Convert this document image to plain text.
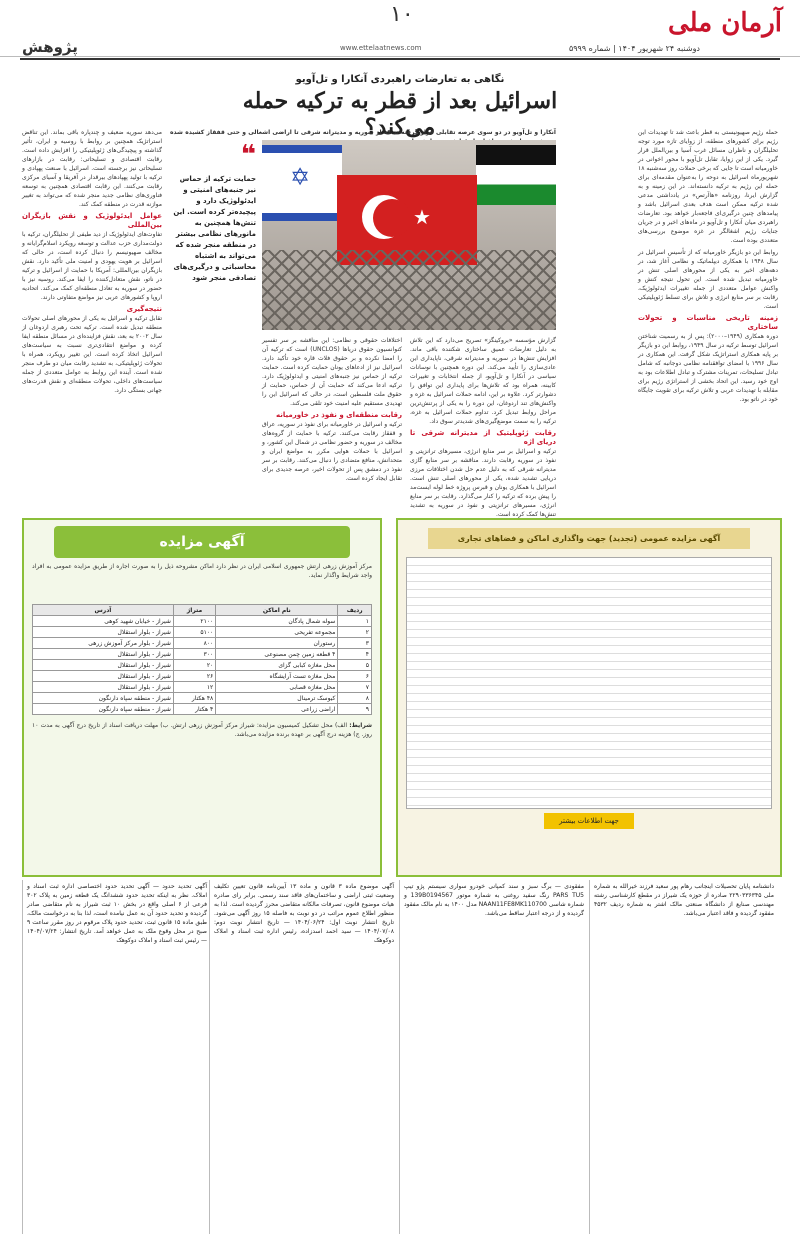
آرمان ملی
۱۰
دوشنبه ۲۴ شهریور ۱۴۰۴ | شماره ۵۹۹۹
www.ettelaatnews.com
پژوهش
نگاهی به تعارضات راهبردی آنکارا و تل‌آویو
اسرائیل بعد از قطر به ترکیه حمله می‌کند؟	حمله رژیم صهیونیستی به قطر باعث شد تا تهدیدات این رژیم برای کشورهای منطقه، از زوایای تازه مورد توجه تحلیلگران و ناظران مسائل غرب آسیا و بین‌الملل قرار گیرد. یکی از این زوایا، تقابل تل‌آویو با محور اخوانی در خاورمیانه است تا جایی که برخی حملات روز سه‌شنبه ۱۸ شهریورماه اسرائیل به دوحه را به‌عنوان مقدمه‌ای برای حمله این رژیم به ترکیه دانسته‌اند. در این زمینه و به گزارش ایرنا، روزنامه «هاآرتص» در یادداشتی مدعی شده ترکیه ممکن است هدف بعدی اسرائیل باشد و پیامدهای چنین درگیری‌ای فاجعه‌بار خواهد بود. تعارضات راهبردی میان آنکارا و تل‌آویو در ماه‌های اخیر و در جریان جنایات رژیم اشغالگر در غزه موضوع بررسی‌های متعددی بوده است.

روابط این دو بازیگر خاورمیانه که از تأسیس اسرائیل در سال ۱۹۴۸ با همکاری دیپلماتیک و نظامی آغاز شد، در دهه‌های اخیر به یکی از محورهای اصلی تنش در خاورمیانه تبدیل شده است. این تحول نتیجه کنش و واکنش عوامل متعددی از جمله تغییرات ایدئولوژیک، رقابت بر سر منابع انرژی و تلاش برای تسلط ژئوپلیتیکی است.

زمینه تاریخی مناسبات و تحولات ساختاری

دوره همکاری (۱۹۴۹–۲۰۰۰): پس از به رسمیت شناختن اسرائیل توسط ترکیه در سال ۱۹۴۹، روابط این دو بازیگر بر پایه همکاری استراتژیک شکل گرفت. این همکاری در سال ۱۹۹۶ با امضای توافقنامه نظامی دوجانبه که شامل تبادل تسلیحات، تمرینات مشترک و تبادل اطلاعات بود به اوج خود رسید. این اتحاد بخشی از استراتژی رژیم برای مقابله با تهدیدات عربی و تلاش ترکیه برای تقویت جایگاه خود در ناتو بود.

آنکارا و تل‌آویو در دو سوی عرصه تقابلی قرار گرفته‌اند که از سوریه و مدیترانه شرقی تا اراضی اشغالی و حتی قفقاز کشیده شده
✡
★
❝
حمایت ترکیه از حماس نیز جنبه‌های امنیتی و ایدئولوژیک دارد و پیچیده‌تر کرده است. این تنش‌ها همچنین به مانورهای نظامی بیشتر در منطقه منجر شده که می‌تواند به اشتباه محاسباتی و درگیری‌های تصادفی منجر شود

گزارش مؤسسه «بروکینگز» تصریح می‌دارد که این تلاش به دلیل تعارضات عمیق ساختاری شکننده باقی ماند. افزایش تنش‌ها در سوریه و مدیترانه شرقی، ناپایداری این عادی‌سازی را تأیید می‌کند. این دوره همچنین با نوسانات سیاسی در آنکارا و تل‌آویو، از جمله انتخابات و تغییرات کابینه، همراه بود که تلاش‌ها برای پایداری این توافق را دشوارتر کرد. علاوه بر این، ادامه حملات اسرائیل به غزه و واکنش‌های تند اردوغان، این دوره را به یکی از پرتنش‌ترین مراحل روابط تبدیل کرد. تداوم حملات اسرائیل به غزه، ترکیه را به سمت موضع‌گیری‌های شدیدتر سوق داد.

رقابت ژئوپلیتیک از مدیترانه شرقی تا دریای اژه

ترکیه و اسرائیل بر سر منابع انرژی، مسیرهای ترانزیتی و نفوذ در سوریه رقابت دارند. مناقشه بر سر منابع گازی مدیترانه شرقی که به دلیل عدم حل شدن اختلافات مرزی دریایی تشدید شده، یکی از محورهای اصلی تنش است. اسرائیل با همکاری یونان و قبرس پروژه خط لوله ایست‌مد را پیش برده که ترکیه را کنار می‌گذارد. رقابت بر سر منابع انرژی، مسیرهای ترانزیتی و نفوذ در سوریه به تشدید تنش‌ها کمک کرده است.

اختلافات حقوقی و نظامی: این مناقشه بر سر تفسیر کنوانسیون حقوق دریاها (UNCLOS) است که ترکیه آن را امضا نکرده و بر حقوق فلات قاره خود تأکید دارد. اسرائیل نیز از ادعاهای یونان حمایت کرده است. حمایت ترکیه از حماس نیز جنبه‌های امنیتی و ایدئولوژیک دارد. ترکیه ادعا می‌کند که حمایت آن از حماس، حمایت از حقوق ملت فلسطین است، در حالی که اسرائیل این را تهدیدی مستقیم علیه امنیت خود تلقی می‌کند.

رقابت منطقه‌ای و نفوذ در خاورمیانه

ترکیه و اسرائیل در خاورمیانه برای نفوذ در سوریه، عراق و قفقاز رقابت می‌کنند. ترکیه با حمایت از گروه‌های مخالف در سوریه و حضور نظامی در شمال این کشور، و اسرائیل با حملات هوایی مکرر به مواضع ایران و متحدانش، منافع متضادی را دنبال می‌کنند. رقابت بر سر نفوذ در دمشق پس از تحولات اخیر، عرصه جدیدی برای تقابل ایجاد کرده است.

می‌دهد سوریه ضعیف و چندپاره باقی بماند. این تناقض استراتژیک همچنین بر روابط با روسیه و ایران، تأثیر گذاشته و پیچیدگی‌های ژئوپلیتیکی را افزایش داده است. رقابت اقتصادی و تسلیحاتی: رقابت در بازارهای تسلیحاتی نیز برجسته است. اسرائیل با صنعت پهپادی و ترکیه با تولید پهپادهای بیرقدار در آفریقا و آسیای مرکزی رقابت می‌کنند. این رقابت اقتصادی همچنین به توسعه فناوری‌های نظامی جدید منجر شده که می‌تواند به تغییر موازنه قدرت در منطقه کمک کند.

عوامل ایدئولوژیک و نقش بازیگران بین‌المللی

تفاوت‌های ایدئولوژیک از دید طیفی از تحلیلگران، ترکیه با دولت‌مداری حزب عدالت و توسعه رویکرد اسلام‌گرایانه و مخالف صهیونیسم را دنبال کرده است، در حالی که اسرائیل بر هویت یهودی و امنیت ملی تأکید دارد. نقش بازیگران بین‌المللی: آمریکا با حمایت از اسرائیل و ترکیه در ناتو، نقش متعادل‌کننده را ایفا می‌کند. روسیه نیز با حضور در سوریه به تعادل منطقه‌ای کمک می‌کند. اتحادیه اروپا و کشورهای عربی نیز مواضع متفاوتی دارند.

نتیجه‌گیری

تقابل ترکیه و اسرائیل به یکی از محورهای اصلی تحولات منطقه تبدیل شده است. ترکیه تحت رهبری اردوغان از سال ۲۰۰۲ به بعد، نقش فزاینده‌ای در مسائل منطقه ایفا کرده و مواضع انتقادی‌تری نسبت به سیاست‌های اسرائیل اتخاذ کرده است. این تغییر رویکرد، همراه با تحولات ژئوپلیتیکی، به تشدید رقابت میان دو طرف منجر شده است. آینده این روابط به عوامل متعددی از جمله سیاست‌های داخلی، تحولات منطقه‌ای و نقش قدرت‌های جهانی بستگی دارد.

آگهی مزایده
مرکز آموزش زرهی ارتش جمهوری اسلامی ایران در نظر دارد اماکن مشروحه ذیل را به صورت اجاره از طریق مزایده عمومی به افراد واجد شرایط واگذار نماید.
ردیف	نام اماکن	متراژ	آدرس
۱	سوله شمال پادگان	۲۱۰۰	شیراز - خیابان شهید کوهی
۲	مجموعه تفریحی	۵۱۰۰	شیراز - بلوار استقلال
۳	رستوران	۸۰۰	شیراز - بلوار مرکز آموزش زرهی
۴	۴ قطعه زمین چمن مصنوعی	۳۰۰	شیراز - بلوار استقلال
۵	محل مغازه کبابی گزای	۲۰	شیراز - بلوار استقلال
۶	محل مغازه تست آرایشگاه	۲۶	شیراز - بلوار استقلال
۷	محل مغازه قصابی	۱۲	شیراز - بلوار استقلال
۸	کیوسک ترمینال	۴۸ هکتار	شیراز - منطقه سپاه دارنگون
۹	اراضی زراعی	۴ هکتار	شیراز - منطقه سپاه دارنگون
شرایط: الف) محل تشکیل کمیسیون مزایده: شیراز مرکز آموزش زرهی ارتش. ب) مهلت دریافت اسناد از تاریخ درج آگهی به مدت ۱۰ روز. ج) هزینه درج آگهی بر عهده برنده مزایده می‌باشد.
آگهی مزایده عمومی (تجدید) جهت واگذاری اماکن و فضاهای تجاری
جهت اطلاعات بیشتر
دانشنامه پایان تحصیلات اینجانب رهام پور سعید فرزند خیرالله به شماره ملی ۲۲۹۰۳۳۶۳۴۵ صادره از حوزه یک شیراز در مقطع کارشناسی رشته مهندسی صنایع از دانشگاه صنعتی مالک اشتر به شماره ردیف ۴۵۳۲ مفقود گردیده و فاقد اعتبار می‌باشد.
مفقودی — برگ سبز و سند کمپانی خودرو سواری سیستم پژو تیپ PARS TU5 رنگ سفید روغنی به شماره موتور 139B0194567 و شماره شاسی NAAN11FE8MK110700 مدل ۱۴۰۰ به نام مالک مفقود گردیده و از درجه اعتبار ساقط می‌باشد.
آگهی موضوع ماده ۳ قانون و ماده ۱۳ آیین‌نامه قانون تعیین تکلیف وضعیت ثبتی اراضی و ساختمان‌های فاقد سند رسمی. برابر رای صادره هیات موضوع قانون، تصرفات مالکانه متقاضی محرز گردیده است. لذا به منظور اطلاع عموم مراتب در دو نوبت به فاصله ۱۵ روز آگهی می‌شود. تاریخ انتشار نوبت اول: ۱۴۰۴/۰۶/۲۴ — تاریخ انتشار نوبت دوم: ۱۴۰۴/۰۷/۰۸ — سید احمد اسدزاده، رئیس اداره ثبت اسناد و املاک دوکوهک
آگهی تحدید حدود — آگهی تحدید حدود اختصاصی اداره ثبت اسناد و املاک. نظر به اینکه تحدید حدود ششدانگ یک قطعه زمین به پلاک ۳۰۲ فرعی از ۶ اصلی واقع در بخش ۱۰ ثبت شیراز به نام متقاضی صادر گردیده و تحدید حدود آن به عمل نیامده است، لذا بنا به درخواست مالک، طبق ماده ۱۵ قانون ثبت، تحدید حدود پلاک مرقوم در روز مقرر ساعت ۹ صبح در محل وقوع ملک به عمل خواهد آمد. تاریخ انتشار: ۱۴۰۴/۰۷/۲۴ — رئیس ثبت اسناد و املاک دوکوهک
